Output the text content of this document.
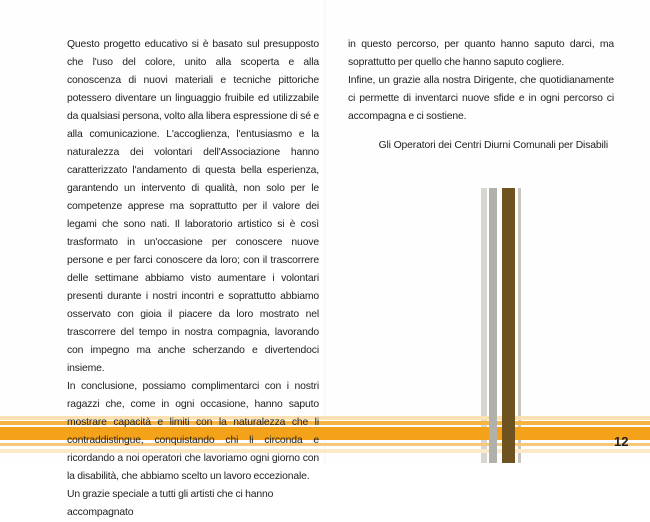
Questo progetto educativo si è basato sul presupposto che l'uso del colore, unito alla scoperta e alla conoscenza di nuovi materiali e tecniche pittoriche potessero diventare un linguaggio fruibile ed utilizzabile da qualsiasi persona, volto alla libera espressione di sé e alla comunicazione. L'accoglienza, l'entusiasmo e la naturalezza dei volontari dell'Associazione hanno caratterizzato l'andamento di questa bella esperienza, garantendo un intervento di qualità, non solo per le competenze apprese ma soprattutto per il valore dei legami che sono nati. Il laboratorio artistico si è così trasformato in un'occasione per conoscere nuove persone e per farci conoscere da loro; con il trascorrere delle settimane abbiamo visto aumentare i volontari presenti durante i nostri incontri e soprattutto abbiamo osservato con gioia il piacere da loro mostrato nel trascorrere del tempo in nostra compagnia, lavorando con impegno ma anche scherzando e divertendoci insieme.

In conclusione, possiamo complimentarci con i nostri ragazzi che, come in ogni occasione, hanno saputo mostrare capacità e limiti con la naturalezza che li contraddistingue, conquistando chi li circonda e ricordando a noi operatori che lavoriamo ogni giorno con la disabilità, che abbiamo scelto un lavoro eccezionale.

Un grazie speciale a tutti gli artisti che ci hanno accompagnato

in questo percorso, per quanto hanno saputo darci, ma soprattutto per quello che hanno saputo cogliere.

Infine, un grazie alla nostra Dirigente, che quotidianamente ci permette di inventarci nuove sfide e in ogni percorso ci accompagna e ci sostiene.

Gli Operatori dei Centri Diurni Comunali per Disabili
12
